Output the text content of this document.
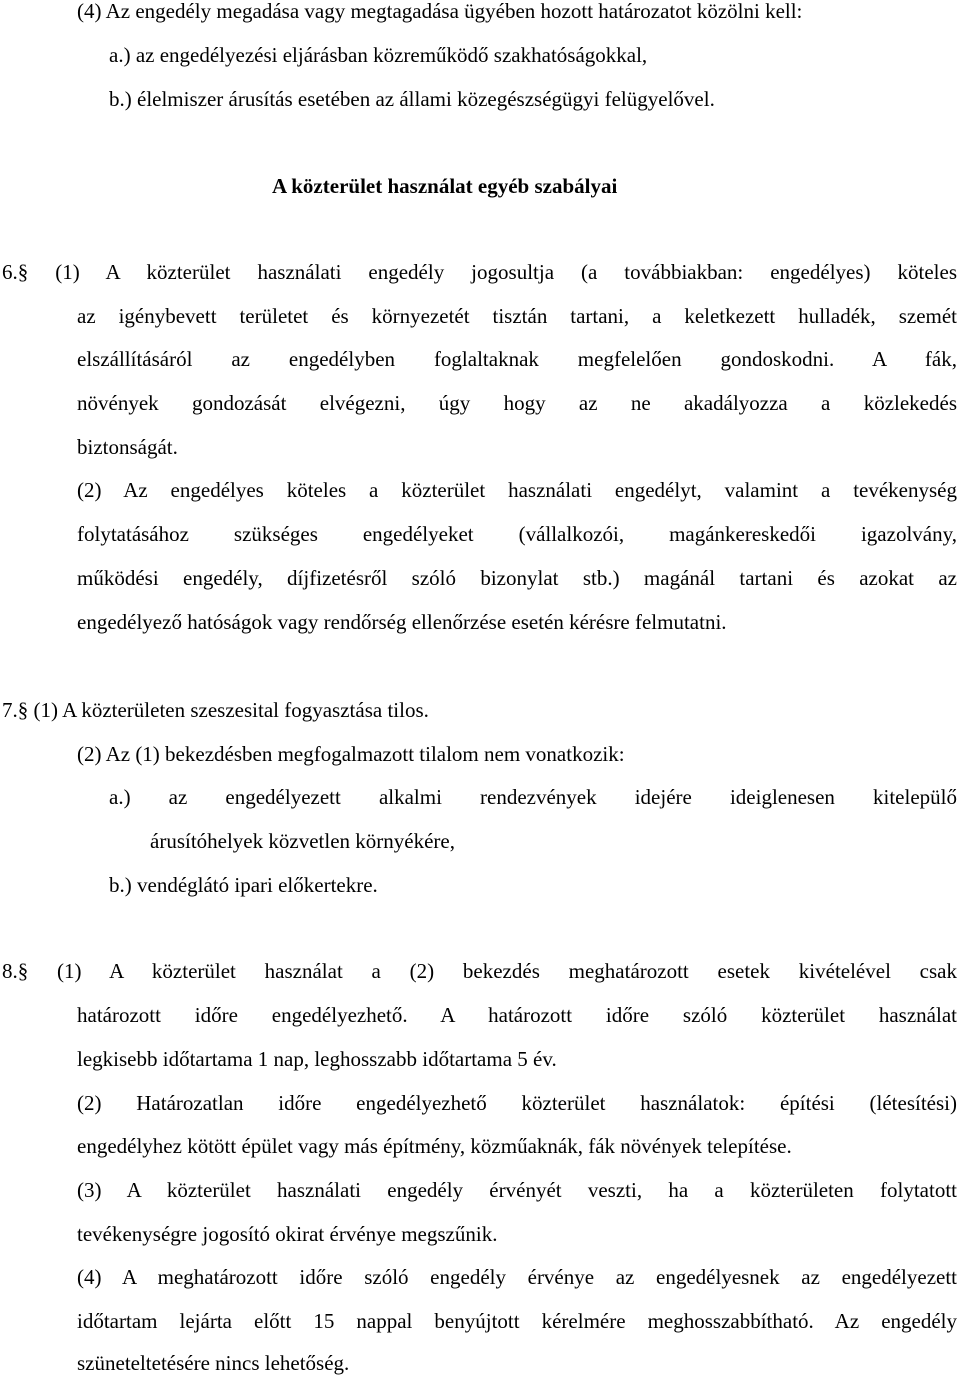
(4) Az engedély megadása vagy megtagadása ügyében hozott határozatot közölni kell:
a.) az engedélyezési eljárásban közreműködő szakhatóságokkal,
b.) élelmiszer árusítás esetében az állami közegészségügyi felügyelővel.
A közterület használat egyéb szabályai
6.§ (1) A közterület használati engedély jogosultja (a továbbiakban: engedélyes) köteles
az igénybevett területet és környezetét tisztán tartani, a keletkezett hulladék, szemét
elszállításáról az engedélyben foglaltaknak megfelelően gondoskodni. A fák,
növények gondozását elvégezni, úgy hogy az ne akadályozza a közlekedés
biztonságát.
(2) Az engedélyes köteles a közterület használati engedélyt, valamint a tevékenység
folytatásához szükséges engedélyeket (vállalkozói, magánkereskedői igazolvány,
működési engedély, díjfizetésről szóló bizonylat stb.) magánál tartani és azokat az
engedélyező hatóságok vagy rendőrség ellenőrzése esetén kérésre felmutatni.
7.§ (1) A közterületen szeszesital fogyasztása tilos.
(2) Az (1) bekezdésben megfogalmazott tilalom nem vonatkozik:
a.) az engedélyezett alkalmi rendezvények idejére ideiglenesen kitelepülő
árusítóhelyek közvetlen környékére,
b.) vendéglátó ipari előkertekre.
8.§ (1) A közterület használat a (2) bekezdés meghatározott esetek kivételével csak
határozott időre engedélyezhető. A határozott időre szóló közterület használat
legkisebb időtartama 1 nap, leghosszabb időtartama 5 év.
(2) Határozatlan időre engedélyezhető közterület használatok: építési (létesítési)
engedélyhez kötött épület vagy más építmény, közműaknák, fák növények telepítése.
(3) A közterület használati engedély érvényét veszti, ha a közterületen folytatott
tevékenységre jogosító okirat érvénye megszűnik.
(4) A meghatározott időre szóló engedély érvénye az engedélyesnek az engedélyezett
időtartam lejárta előtt 15 nappal benyújtott kérelmére meghosszabbítható. Az engedély
szüneteltetésére nincs lehetőség.
